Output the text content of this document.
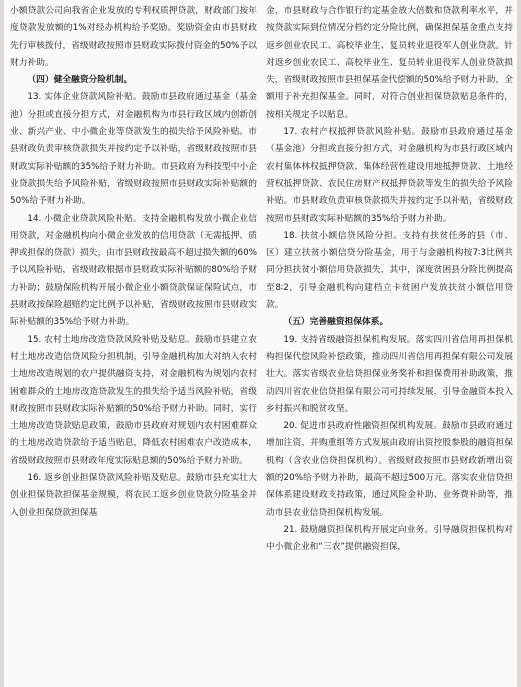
小额贷款公司向我省企业发放的专利权质押贷款，财政部门按年度贷款发放额的1%对经办机构给予奖励。奖励资金由市县财政先行审核拨付，省级财政按照市县财政实际拨付资金的50%予以财力补助。

（四）健全融资分险机制。

13. 实体企业贷款风险补贴。鼓励市县政府通过基金（基金池）分担或直接分担方式，对金融机构为市县行政区域内创新创业、新兴产业、中小微企业等贷款发生的损失给予风险补贴。市县财政负责审核贷款损失并按约定予以补贴，省级财政按照市县财政实际补贴额的35%给予财力补助。市县政府为科技型中小企业贷款损失给予风险补贴，省级财政按照市县财政实际补贴额的50%给予财力补助。

14. 小微企业贷款风险补贴。支持金融机构发放小微企业信用贷款，对金融机构向小微企业发放的信用贷款（无需抵押、质押或担保的贷款）损失，由市县财政按最高不超过损失额的60%予以风险补贴，省级财政根据市县财政实际补贴额的80%给予财力补助；鼓励保险机构开展小微企业小额贷款保证保险试点，市县财政按保险超赔约定比例予以补贴，省级财政按照市县财政实际补贴额的35%给予财力补助。

15. 农村土地房改造贷款风险补贴及贴息。鼓励市县建立农村土地房改造信贷风险分担机制，引导金融机构加大对纳入农村土地房改造规划的农户提供融资支持，对金融机构为规划内农村困难群众的土地房改造贷款发生的损失给予适当风险补贴，省级财政按照市县财政实际补贴额的50%给予财力补助。同时，实行土地房改造贷款贴息政策，鼓励市县政府对规划内农村困难群众的土地房改造贷款给予适当贴息，降低农村困难农户改造成本，省级财政按照市县财政年度实际贴息额的50%给予财力补助。

16. 返乡创业担保贷款风险补贴及贴息。鼓励市县充实壮大创业担保贷款担保基金规模，将农民工返乡创业贷款分险基金并入创业担保贷款担保基

金，市县财政与合作银行约定基金放大倍数和贷款利率水平，并按贷款实际到位情况分档约定分险比例，确保担保基金重点支持返乡创业农民工、高校毕业生、复员转业退役军人创业贷款。针对返乡创业农民工、高校毕业生、复员转业退役军人创业贷款损失，省级财政按照市县担保基金代偿额的50%给予财力补助，全额用于补充担保基金。同时，对符合创业担保贷款贴息条件的，按相关规定予以贴息。

17. 农村产权抵押贷款风险补贴。鼓励市县政府通过基金（基金池）分担或直接分担方式，对金融机构为市县行政区域内农村集体林权抵押贷款、集体经营性建设用地抵押贷款、土地经营权抵押贷款、农民住房财产权抵押贷款等发生的损失给予风险补贴。市县财政负责审核贷款损失并按约定予以补贴，省级财政按照市县财政实际补贴额的35%给予财力补助。

18. 扶贫小额信贷风险分担。支持有扶贫任务的县（市、区）建立扶贫小额信贷分险基金，用于与金融机构按7∶3比例共同分担扶贫小额信用贷款损失，其中，深度贫困县分险比例提高至8∶2，引导金融机构向建档立卡贫困户发放扶贫小额信用贷款。

（五）完善融资担保体系。

19. 支持省级融资担保机构发展。落实四川省信用再担保机构担保代偿风险补偿政策，推动四川省信用再担保有限公司发展壮大。落实省级农业信贷担保业务奖补和担保费用补助政策，推动四川省农业信贷担保有限公司可持续发展，引导金融资本投入乡村振兴和脱贫攻坚。

20. 促进市县政府性融资担保机构发展。鼓励市县政府通过增加注资、并购重组等方式发展由政府出资控股参股的融资担保机构（含农业信贷担保机构）。省级财政按照市县财政新增出资额的20%给予财力补助，最高不超过500万元。落实农业信贷担保体系建设财政支持政策，通过风险金补助、业务费补助等，推动市县农业信贷担保机构发展。

21. 鼓励融资担保机构开展定向业务。引导融资担保机构对中小微企业和“三农”提供融资担保，
